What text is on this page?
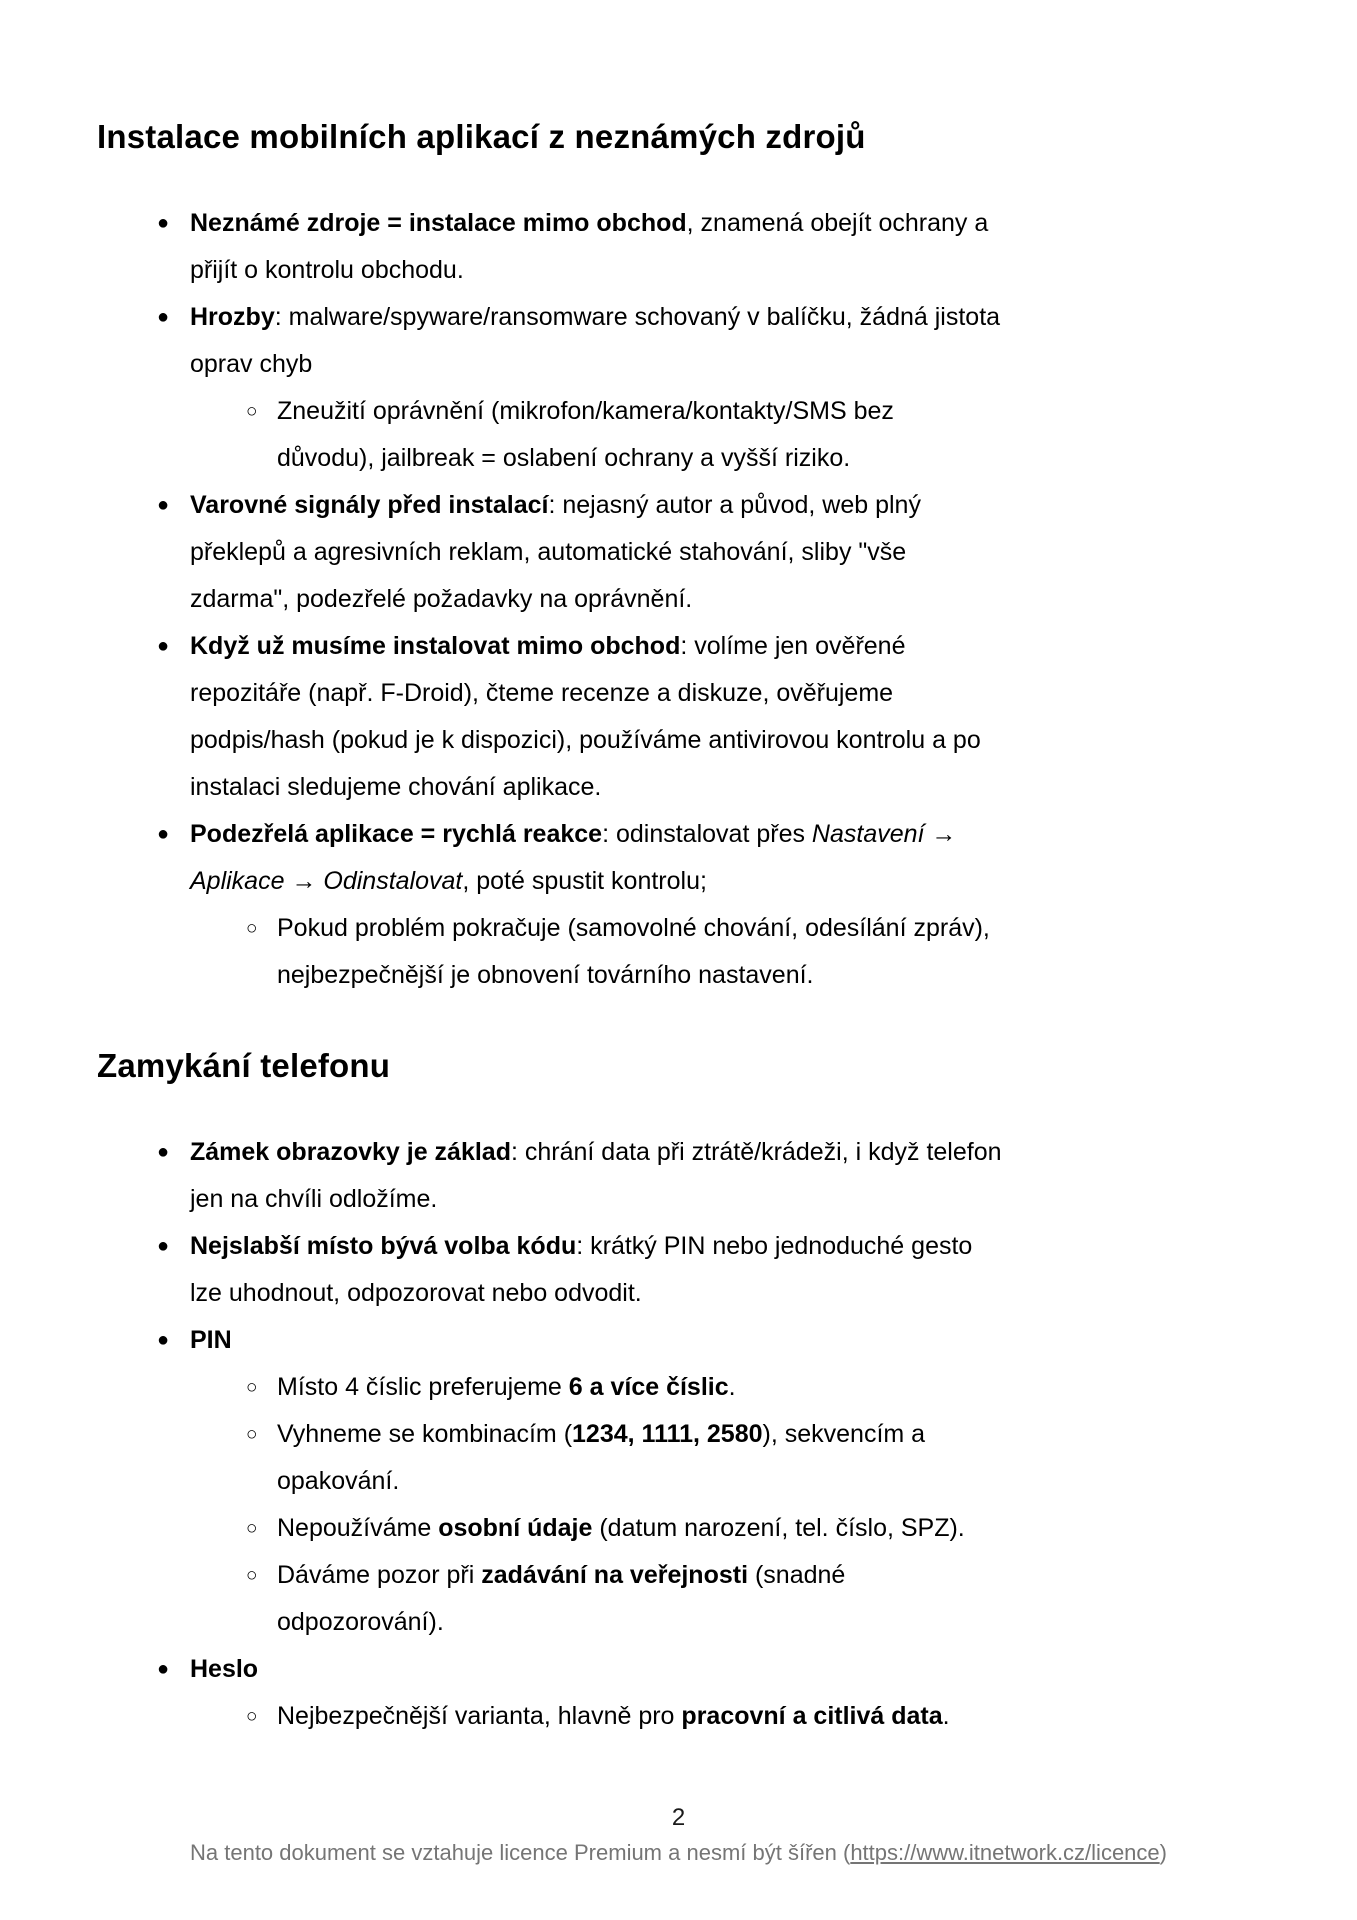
Instalace mobilních aplikací z neznámých zdrojů
● Neznámé zdroje = instalace mimo obchod, znamená obejít ochrany a přijít o kontrolu obchodu.
● Hrozby: malware/spyware/ransomware schovaný v balíčku, žádná jistota oprav chyb
○ Zneužití oprávnění (mikrofon/kamera/kontakty/SMS bez důvodu), jailbreak = oslabení ochrany a vyšší riziko.
● Varovné signály před instalací: nejasný autor a původ, web plný překlepů a agresivních reklam, automatické stahování, sliby "vše zdarma", podezřelé požadavky na oprávnění.
● Když už musíme instalovat mimo obchod: volíme jen ověřené repozitáře (např. F-Droid), čteme recenze a diskuze, ověřujeme podpis/hash (pokud je k dispozici), používáme antivirovou kontrolu a po instalaci sledujeme chování aplikace.
● Podezřelá aplikace = rychlá reakce: odinstalovat přes Nastavení → Aplikace → Odinstalovat, poté spustit kontrolu;
○ Pokud problém pokračuje (samovolné chování, odesílání zpráv), nejbezpečnější je obnovení továrního nastavení.
Zamykání telefonu
● Zámek obrazovky je základ: chrání data při ztrátě/krádeži, i když telefon jen na chvíli odložíme.
● Nejslabší místo bývá volba kódu: krátký PIN nebo jednoduché gesto lze uhodnout, odpozorovat nebo odvodit.
● PIN
○ Místo 4 číslic preferujeme 6 a více číslic.
○ Vyhneme se kombinacím (1234, 1111, 2580), sekvencím a opakování.
○ Nepoužíváme osobní údaje (datum narození, tel. číslo, SPZ).
○ Dáváme pozor při zadávání na veřejnosti (snadné odpozorování).
● Heslo
○ Nejbezpečnější varianta, hlavně pro pracovní a citlivá data.
2
Na tento dokument se vztahuje licence Premium a nesmí být šířen (https://www.itnetwork.cz/licence)
